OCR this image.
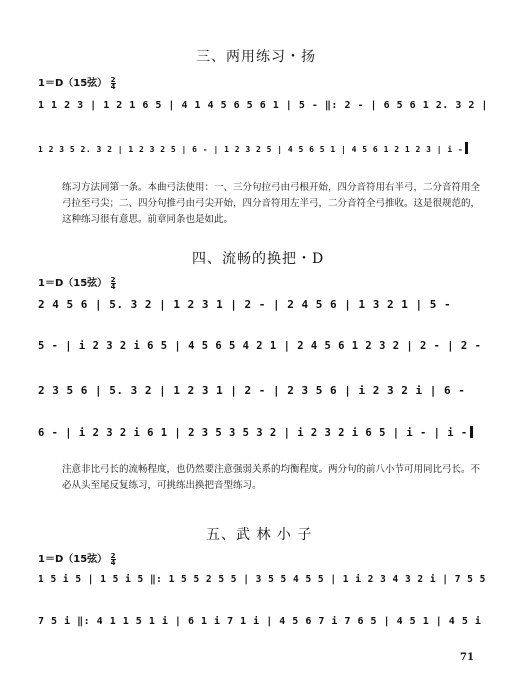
三、两用练习・扬
1＝D（15弦） $\frac{2}{4}$
1 1 2 3 | 1 2 1 6 5 | 4 1 4 5 6 5 6 1 | 5 - ‖: 2 - | 6 5 6 1 2. 3 2 |
1 2 3 5 2. 3 2 | 1 2 3 2 5 | 6 - | 1 2 3 2 5 | 4 5 6 5 1 | 4 5 6 1 2 1 2 3 | i -
练习方法同第一条。本曲弓法使用：一、三分句拉弓由弓根开始，四分音符用右半弓，二分音符用全弓拉至弓尖；二、四分句推弓由弓尖开始，四分音符用左半弓，二分音符全弓推收。这是很规范的，这种练习很有意思。前章同条也是如此。
四、流畅的换把・D
1＝D（15弦） $\frac{2}{4}$
2 4 5 6 | 5. 3 2 | 1 2 3 1 | 2 - | 2 4 5 6 | 1 3 2 1 | 5 -
5 - | i 2 3 2 i 6 5 | 4 5 6 5 4 2 1 | 2 4 5 6 1 2 3 2 | 2 - | 2 -
2 3 5 6 | 5. 3 2 | 1 2 3 1 | 2 - | 2 3 5 6 | i 2 3 2 i | 6 -
6 - | i 2 3 2 i 6 1 | 2 3 5 3 5 3 2 | i 2 3 2 i 6 5 | i - | i -
注意非比弓长的流畅程度，也仍然要注意强弱关系的均衡程度。两分句的前八小节可用同比弓长。不必从头至尾反复练习，可挑练出换把音型练习。
五、武 林 小 子
1＝D（15弦） $\frac{2}{4}$
1 5 i 5 | 1 5 i 5 ‖: 1 5 5 2 5 5 | 3 5 5 4 5 5 | 1 i 2 3 4 3 2 i | 7 5 5
7 5 i ‖: 4 1 1 5 1 i | 6 1 i 7 1 i | 4 5 6 7 i 7 6 5 | 4 5 1 | 4 5 i
71
